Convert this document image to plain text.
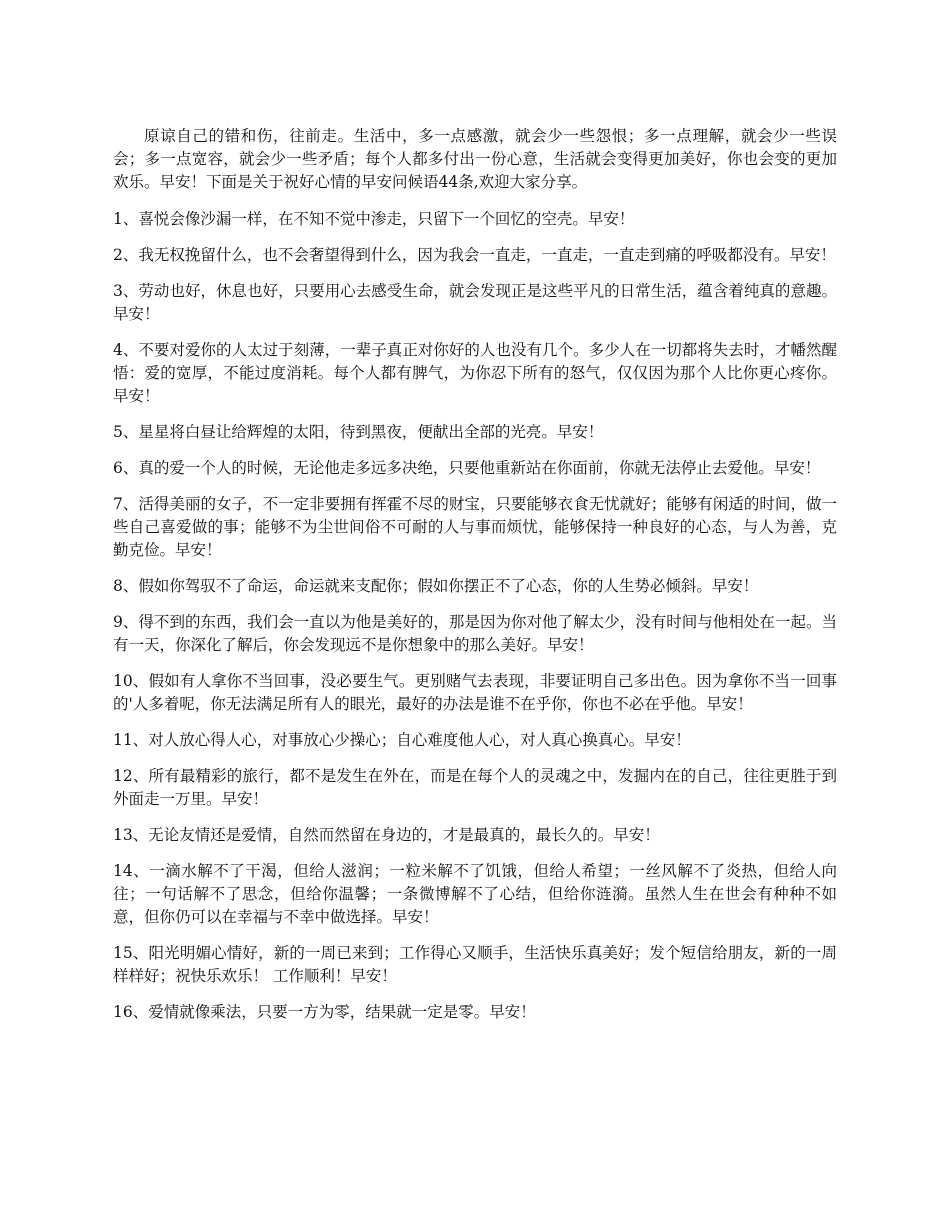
原谅自己的错和伤，往前走。生活中，多一点感激，就会少一些怨恨；多一点理解，就会少一些误会；多一点宽容，就会少一些矛盾；每个人都多付出一份心意，生活就会变得更加美好，你也会变的更加欢乐。早安！下面是关于祝好心情的早安问候语44条,欢迎大家分享。

1、喜悦会像沙漏一样，在不知不觉中渗走，只留下一个回忆的空壳。早安！

2、我无权挽留什么，也不会奢望得到什么，因为我会一直走，一直走，一直走到痛的呼吸都没有。早安！

3、劳动也好，休息也好，只要用心去感受生命，就会发现正是这些平凡的日常生活，蕴含着纯真的意趣。早安！

4、不要对爱你的人太过于刻薄，一辈子真正对你好的人也没有几个。多少人在一切都将失去时，才幡然醒悟：爱的宽厚，不能过度消耗。每个人都有脾气，为你忍下所有的怒气，仅仅因为那个人比你更心疼你。早安！

5、星星将白昼让给辉煌的太阳，待到黑夜，便献出全部的光亮。早安！

6、真的爱一个人的时候，无论他走多远多决绝，只要他重新站在你面前，你就无法停止去爱他。早安！

7、活得美丽的女子，不一定非要拥有挥霍不尽的财宝，只要能够衣食无忧就好；能够有闲适的时间，做一些自己喜爱做的事；能够不为尘世间俗不可耐的人与事而烦忧，能够保持一种良好的心态，与人为善，克勤克俭。早安！

8、假如你驾驭不了命运，命运就来支配你；假如你摆正不了心态，你的人生势必倾斜。早安！

9、得不到的东西，我们会一直以为他是美好的，那是因为你对他了解太少，没有时间与他相处在一起。当有一天，你深化了解后，你会发现远不是你想象中的那么美好。早安！

10、假如有人拿你不当回事，没必要生气。更别赌气去表现，非要证明自己多出色。因为拿你不当一回事的'人多着呢，你无法满足所有人的眼光，最好的办法是谁不在乎你，你也不必在乎他。早安！

11、对人放心得人心，对事放心少操心；自心难度他人心，对人真心换真心。早安！

12、所有最精彩的旅行，都不是发生在外在，而是在每个人的灵魂之中，发掘内在的自己，往往更胜于到外面走一万里。早安！

13、无论友情还是爱情，自然而然留在身边的，才是最真的，最长久的。早安！

14、一滴水解不了干渴，但给人滋润；一粒米解不了饥饿，但给人希望；一丝风解不了炎热，但给人向往；一句话解不了思念，但给你温馨；一条微博解不了心结，但给你涟漪。虽然人生在世会有种种不如意，但你仍可以在幸福与不幸中做选择。早安！

15、阳光明媚心情好，新的一周已来到；工作得心又顺手，生活快乐真美好；发个短信给朋友，新的一周样样好；祝快乐欢乐！ 工作顺利！早安！

16、爱情就像乘法，只要一方为零，结果就一定是零。早安！
